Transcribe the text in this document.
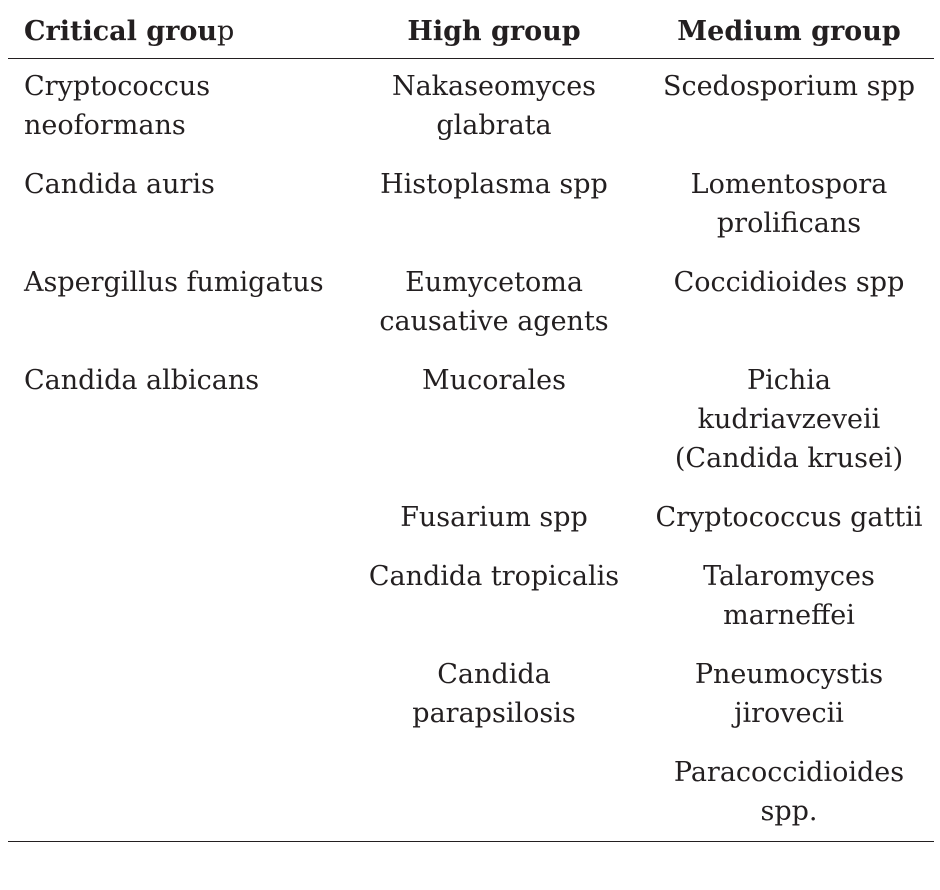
Critical group	High group	Medium group
Cryptococcus neoformans	Nakaseomyces glabrata	Scedosporium spp
Candida auris	Histoplasma spp	Lomentospora prolificans
Aspergillus fumigatus	Eumycetoma causative agents	Coccidioides spp
Candida albicans	Mucorales	Pichia kudriavzeveii (Candida krusei)
	Fusarium spp	Cryptococcus gattii
	Candida tropicalis	Talaromyces marneffei
	Candida parapsilosis	Pneumocystis jirovecii
		Paracoccidioides spp.
